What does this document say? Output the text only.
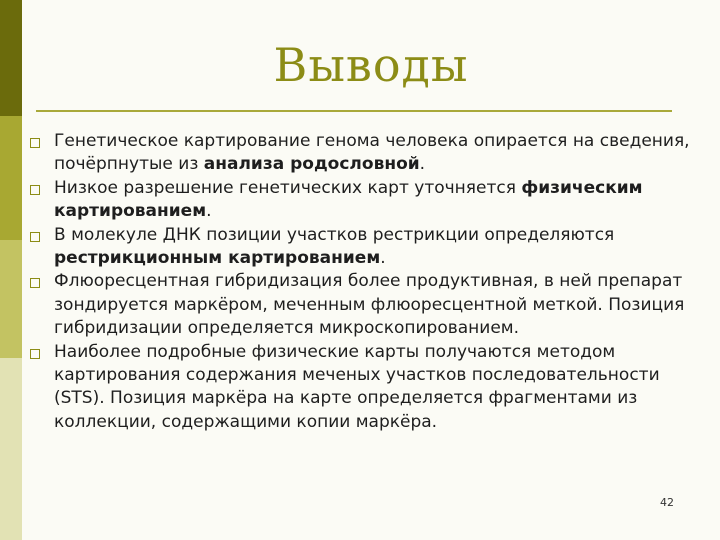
Выводы
Генетическое картирование генома человека опирается на сведения, почёрпнутые из анализа родословной.
Низкое разрешение генетических карт уточняется физическим картированием.
В молекуле ДНК позиции участков рестрикции определяются рестрикционным картированием.
Флюоресцентная гибридизация более продуктивная, в ней препарат зондируется маркёром, меченным флюоресцентной меткой. Позиция гибридизации определяется микроскопированием.
Наиболее подробные физические карты получаются методом картирования содержания меченых участков последовательности (STS). Позиция маркёра на карте определяется фрагментами из коллекции, содержащими копии маркёра.
42
